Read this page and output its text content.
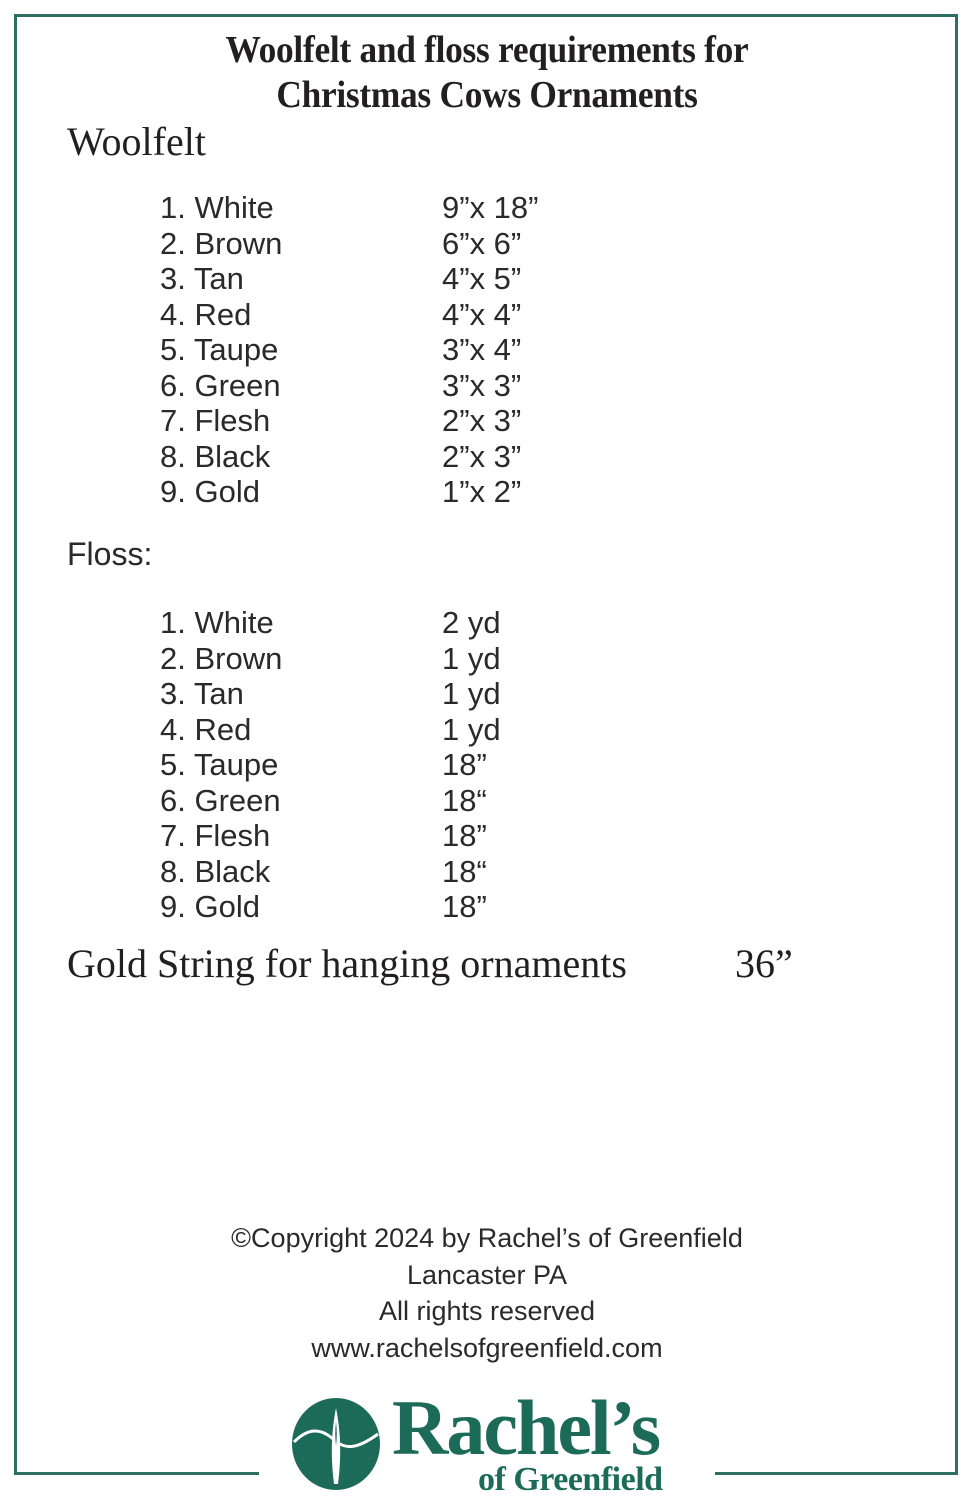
Woolfelt and floss requirements for
Christmas Cows Ornaments
Woolfelt
1. White	9”x 18”
2. Brown	6”x 6”
3. Tan	4”x 5”
4. Red	4”x 4”
5. Taupe	3”x 4”
6. Green	3”x 3”
7. Flesh	2”x 3”
8. Black	2”x 3”
9. Gold	1”x 2”
Floss:
1. White	2 yd
2. Brown	1 yd
3. Tan	1 yd
4. Red	1 yd
5. Taupe	18”
6. Green	18“
7. Flesh	18”
8. Black	18“
9. Gold	18”
Gold String for hanging ornaments	36”
©Copyright 2024 by Rachel’s of Greenfield
Lancaster PA
All rights reserved
www.rachelsofgreenfield.com
Rachel’s
of Greenfield
